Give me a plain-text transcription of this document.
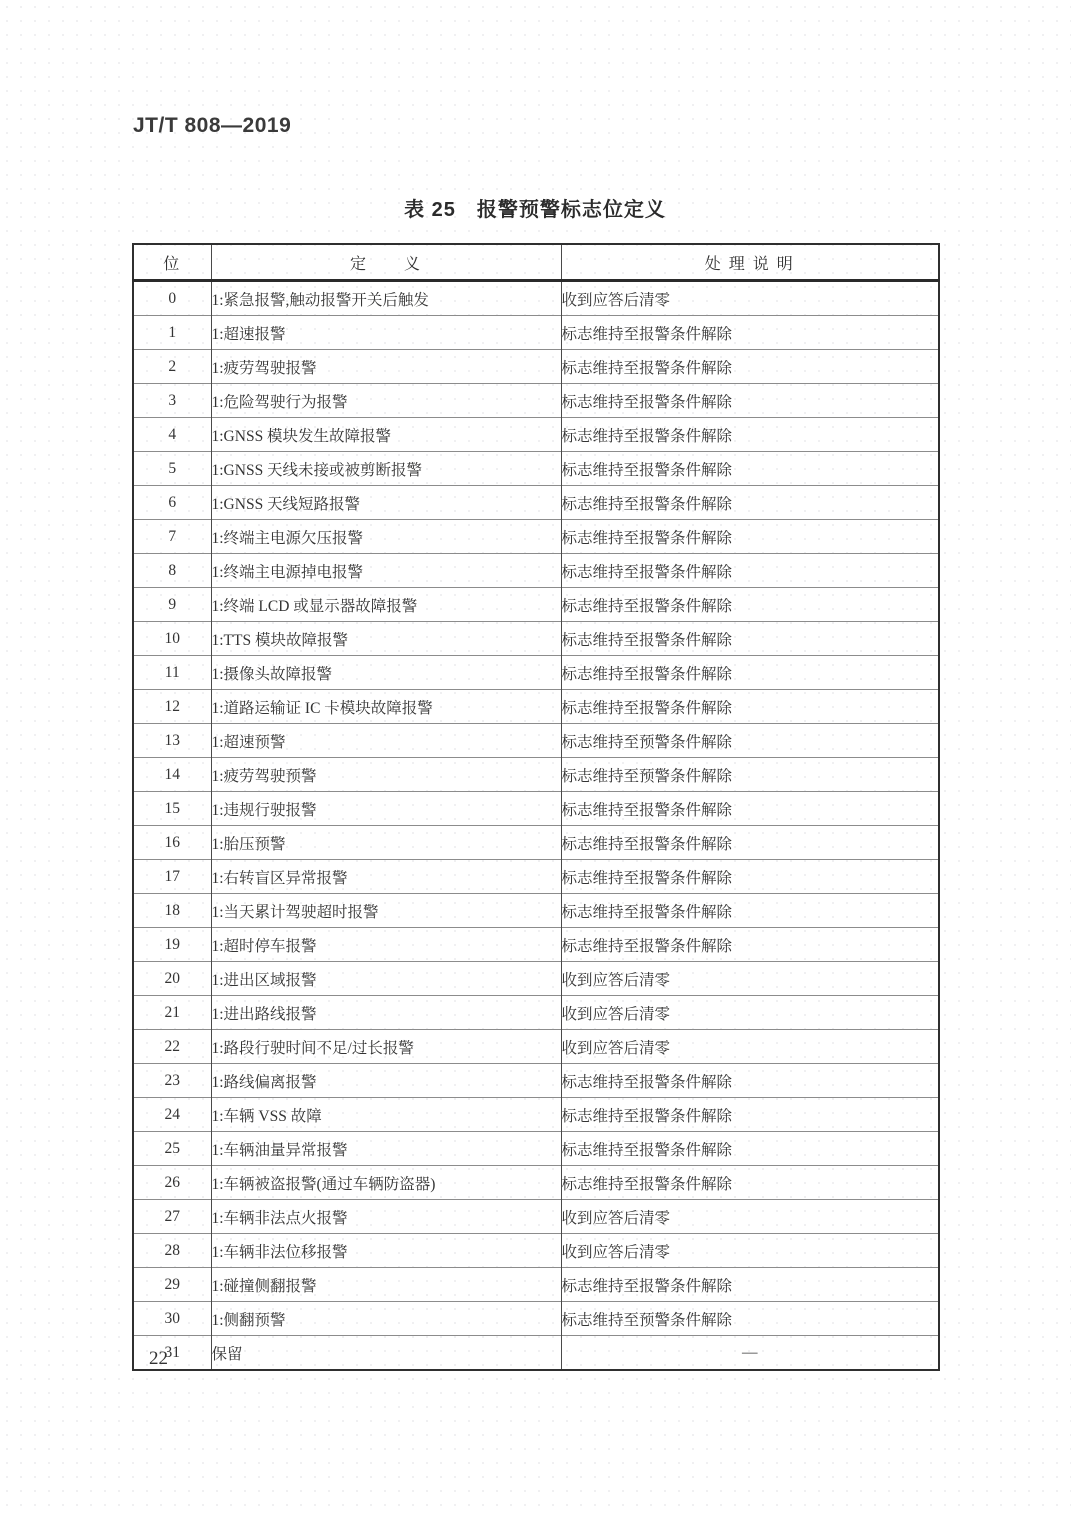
JT/T 808—2019
表 25　报警预警标志位定义
位	定　　义	处 理 说 明
0	1:紧急报警,触动报警开关后触发	收到应答后清零
1	1:超速报警	标志维持至报警条件解除
2	1:疲劳驾驶报警	标志维持至报警条件解除
3	1:危险驾驶行为报警	标志维持至报警条件解除
4	1:GNSS 模块发生故障报警	标志维持至报警条件解除
5	1:GNSS 天线未接或被剪断报警	标志维持至报警条件解除
6	1:GNSS 天线短路报警	标志维持至报警条件解除
7	1:终端主电源欠压报警	标志维持至报警条件解除
8	1:终端主电源掉电报警	标志维持至报警条件解除
9	1:终端 LCD 或显示器故障报警	标志维持至报警条件解除
10	1:TTS 模块故障报警	标志维持至报警条件解除
11	1:摄像头故障报警	标志维持至报警条件解除
12	1:道路运输证 IC 卡模块故障报警	标志维持至报警条件解除
13	1:超速预警	标志维持至预警条件解除
14	1:疲劳驾驶预警	标志维持至预警条件解除
15	1:违规行驶报警	标志维持至报警条件解除
16	1:胎压预警	标志维持至报警条件解除
17	1:右转盲区异常报警	标志维持至报警条件解除
18	1:当天累计驾驶超时报警	标志维持至报警条件解除
19	1:超时停车报警	标志维持至报警条件解除
20	1:进出区域报警	收到应答后清零
21	1:进出路线报警	收到应答后清零
22	1:路段行驶时间不足/过长报警	收到应答后清零
23	1:路线偏离报警	标志维持至报警条件解除
24	1:车辆 VSS 故障	标志维持至报警条件解除
25	1:车辆油量异常报警	标志维持至报警条件解除
26	1:车辆被盗报警(通过车辆防盗器)	标志维持至报警条件解除
27	1:车辆非法点火报警	收到应答后清零
28	1:车辆非法位移报警	收到应答后清零
29	1:碰撞侧翻报警	标志维持至报警条件解除
30	1:侧翻预警	标志维持至预警条件解除
31	保留	—
22
